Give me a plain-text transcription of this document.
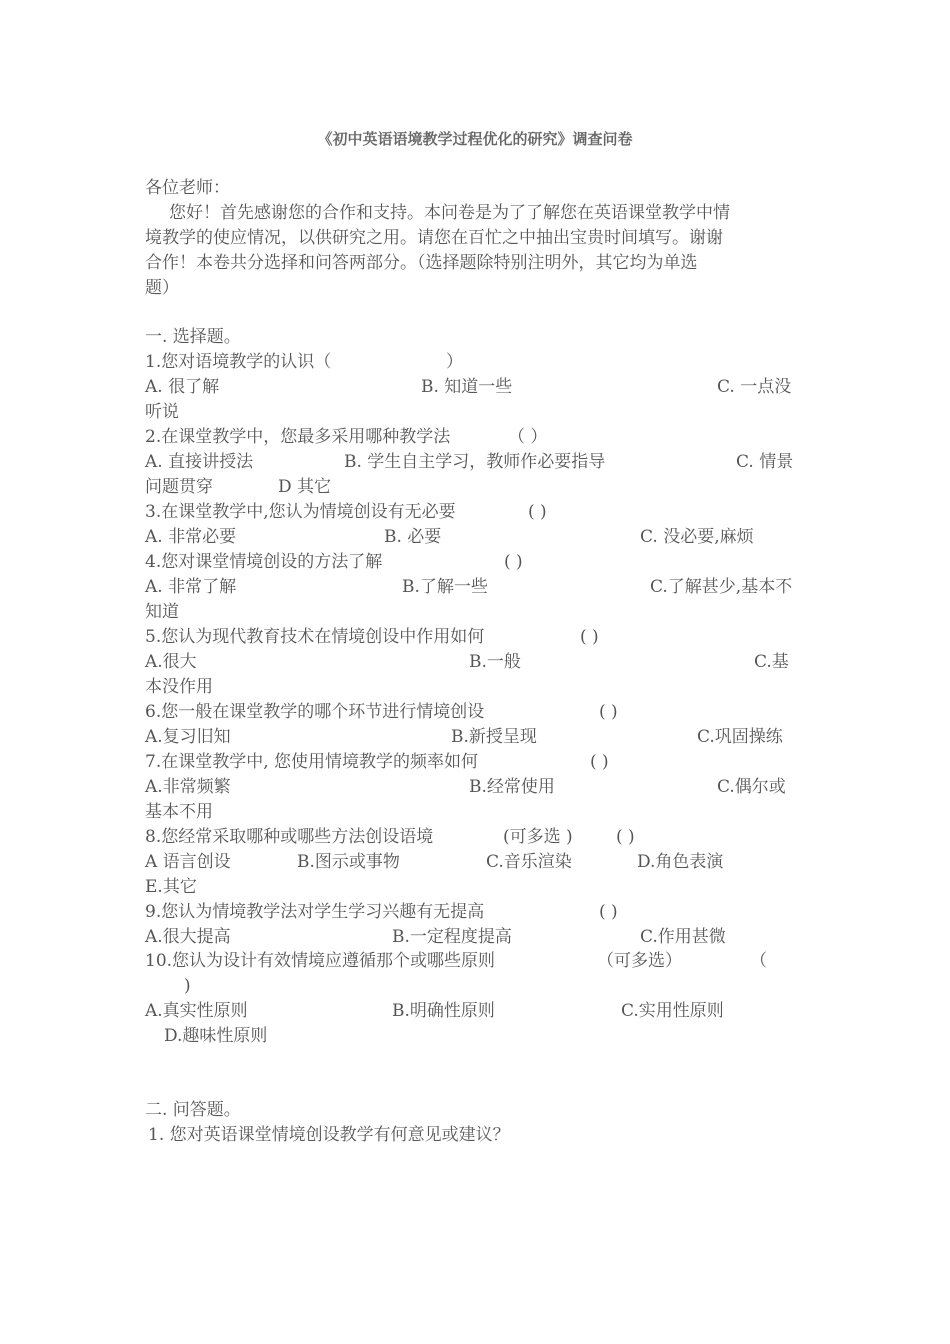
《初中英语语境教学过程优化的研究》调查问卷
各位老师：
您好！首先感谢您的合作和支持。本问卷是为了了解您在英语课堂教学中情
境教学的使应情况，以供研究之用。请您在百忙之中抽出宝贵时间填写。谢谢
合作！本卷共分选择和问答两部分。（选择题除特别注明外，其它均为单选
题）
一. 选择题。
1.您对语境教学的认识（	）
A. 很了解	B. 知道一些	C. 一点没
听说
2.在课堂教学中，您最多采用哪种教学法	（ ）
A. 直接讲授法	B. 学生自主学习，教师作必要指导	C. 情景
问题贯穿	D 其它
3.在课堂教学中,您认为情境创设有无必要	( )
A. 非常必要	B. 必要	C. 没必要,麻烦
4.您对课堂情境创设的方法了解	( )
A. 非常了解	B.了解一些	C.了解甚少,基本不
知道
5.您认为现代教育技术在情境创设中作用如何	( )
A.很大	B.一般	C.基
本没作用
6.您一般在课堂教学的哪个环节进行情境创设	( )
A.复习旧知	B.新授呈现	C.巩固操练
7.在课堂教学中, 您使用情境教学的频率如何	( )
A.非常频繁	B.经常使用	C.偶尔或
基本不用
8.您经常采取哪种或哪些方法创设语境	(可多选 )	( )
A 语言创设	B.图示或事物	C.音乐渲染	D.角色表演
E.其它
9.您认为情境教学法对学生学习兴趣有无提高	( )
A.很大提高	B.一定程度提高	C.作用甚微
10.您认为设计有效情境应遵循那个或哪些原则	（可多选）	（
)
A.真实性原则	B.明确性原则	C.实用性原则
D.趣味性原则
二. 问答题。
1. 您对英语课堂情境创设教学有何意见或建议？
